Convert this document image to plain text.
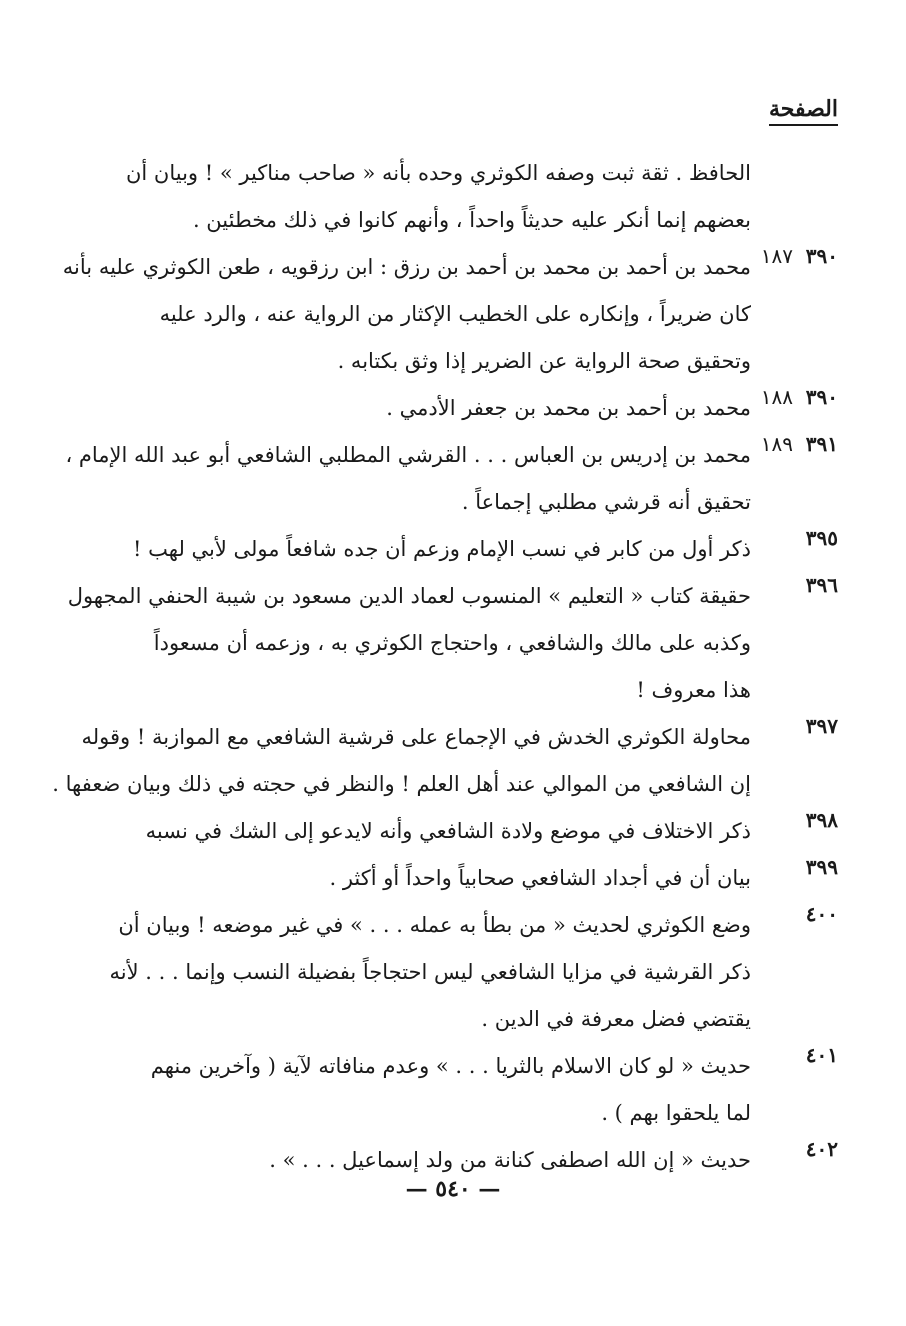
الصفحة
الحافظ . ثقة ثبت وصفه الكوثري وحده بأنه « صاحب مناكير » ! وبيان أن
بعضهم إنما أنكر عليه حديثاً واحداً ، وأنهم كانوا في ذلك مخطئين .
٣٩٠
١٨٧
محمد بن أحمد بن محمد بن أحمد بن رزق : ابن رزقويه ، طعن الكوثري عليه بأنه
كان ضريراً ، وإنكاره على الخطيب الإكثار من الرواية عنه ، والرد عليه
وتحقيق صحة الرواية عن الضرير إذا وثق بكتابه .
٣٩٠
١٨٨
محمد بن أحمد بن محمد بن جعفر الأدمي .
٣٩١
١٨٩
محمد بن إدريس بن العباس . . . القرشي المطلبي الشافعي أبو عبد الله الإمام ،
تحقيق أنه قرشي مطلبي إجماعاً .
٣٩٥
ذكر أول من كابر في نسب الإمام وزعم أن جده شافعاً مولى لأبي لهب !
٣٩٦
حقيقة كتاب « التعليم » المنسوب لعماد الدين مسعود بن شيبة الحنفي المجهول
وكذبه على مالك والشافعي ، واحتجاج الكوثري به ، وزعمه أن مسعوداً
هذا معروف !
٣٩٧
محاولة الكوثري الخدش في الإجماع على قرشية الشافعي مع الموازبة ! وقوله
إن الشافعي من الموالي عند أهل العلم ! والنظر في حجته في ذلك وبيان ضعفها .
٣٩٨
ذكر الاختلاف في موضع ولادة الشافعي وأنه لايدعو إلى الشك في نسبه
٣٩٩
بيان أن في أجداد الشافعي صحابياً واحداً أو أكثر .
٤٠٠
وضع الكوثري لحديث « من بطأ به عمله . . . » في غير موضعه ! وبيان أن
ذكر القرشية في مزايا الشافعي ليس احتجاجاً بفضيلة النسب وإنما . . . لأنه
يقتضي فضل معرفة في الدين .
٤٠١
حديث « لو كان الاسلام بالثريا . . . » وعدم منافاته لآية ( وآخرين منهم
لما يلحقوا بهم ) .
٤٠٢
حديث « إن الله اصطفى كنانة من ولد إسماعيل . . . » .
— ٥٤٠ —
